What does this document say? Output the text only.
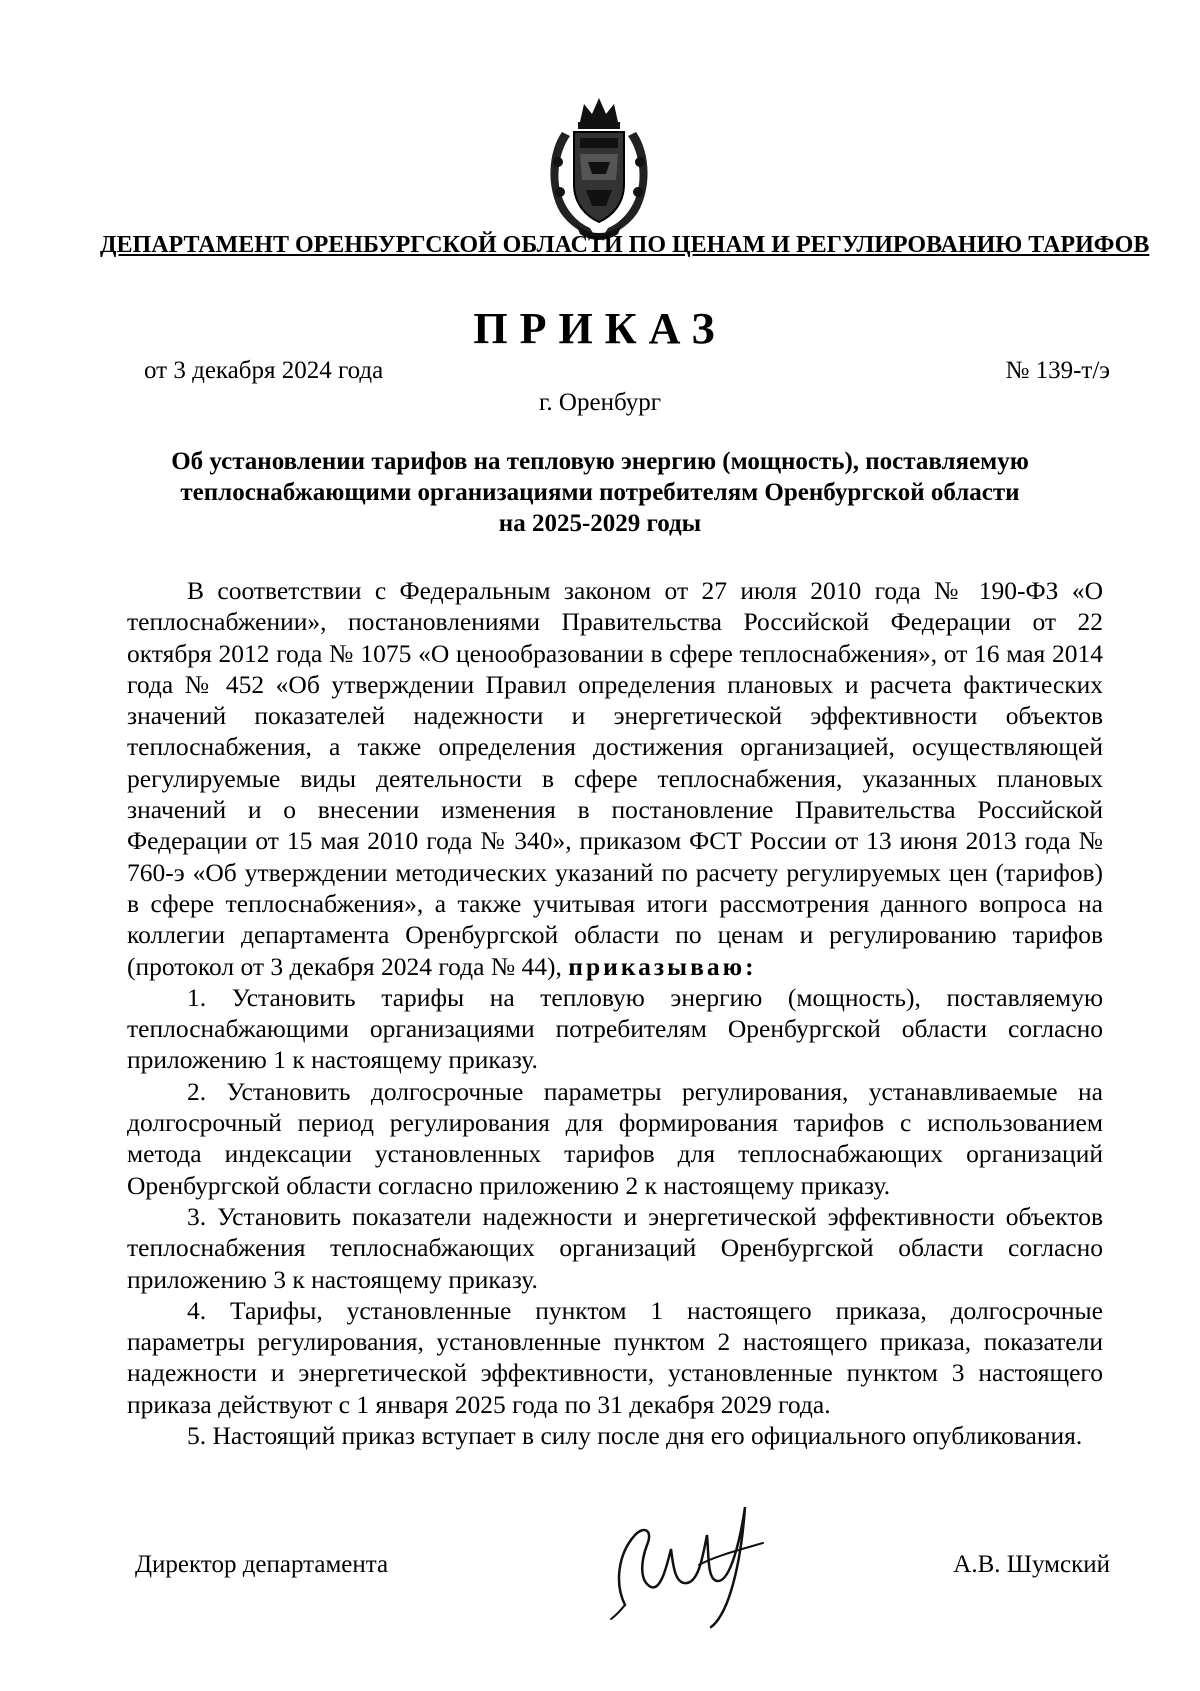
ДЕПАРТАМЕНТ ОРЕНБУРГСКОЙ ОБЛАСТИ ПО ЦЕНАМ И РЕГУЛИРОВАНИЮ ТАРИФОВ
ПРИКАЗ
от 3 декабря 2024 года	№ 139-т/э
г. Оренбург
Об установлении тарифов на тепловую энергию (мощность), поставляемую
теплоснабжающими организациями потребителям Оренбургской области
на 2025-2029 годы

В соответствии с Федеральным законом от 27 июля 2010 года № 190-ФЗ «О теплоснабжении», постановлениями Правительства Российской Федерации от 22 октября 2012 года № 1075 «О ценообразовании в сфере теплоснабжения», от 16 мая 2014 года № 452 «Об утверждении Правил определения плановых и расчета фактических значений показателей надежности и энергетической эффективности объектов теплоснабжения, а также определения достижения организацией, осуществляющей регулируемые виды деятельности в сфере теплоснабжения, указанных плановых значений и о внесении изменения в постановление Правительства Российской Федерации от 15 мая 2010 года № 340», приказом ФСТ России от 13 июня 2013 года № 760-э «Об утверждении методических указаний по расчету регулируемых цен (тарифов) в сфере теплоснабжения», а также учитывая итоги рассмотрения данного вопроса на коллегии департамента Оренбургской области по ценам и регулированию тарифов (протокол от 3 декабря 2024 года № 44), приказываю:

1. Установить тарифы на тепловую энергию (мощность), поставляемую теплоснабжающими организациями потребителям Оренбургской области согласно приложению 1 к настоящему приказу.

2. Установить долгосрочные параметры регулирования, устанавливаемые на долгосрочный период регулирования для формирования тарифов с использованием метода индексации установленных тарифов для теплоснабжающих организаций Оренбургской области согласно приложению 2 к настоящему приказу.

3. Установить показатели надежности и энергетической эффективности объектов теплоснабжения теплоснабжающих организаций Оренбургской области согласно приложению 3 к настоящему приказу.

4. Тарифы, установленные пунктом 1 настоящего приказа, долгосрочные параметры регулирования, установленные пунктом 2 настоящего приказа, показатели надежности и энергетической эффективности, установленные пунктом 3 настоящего приказа действуют с 1 января 2025 года по 31 декабря 2029 года.

5. Настоящий приказ вступает в силу после дня его официального опубликования.

Директор департамента	А.В. Шумский
